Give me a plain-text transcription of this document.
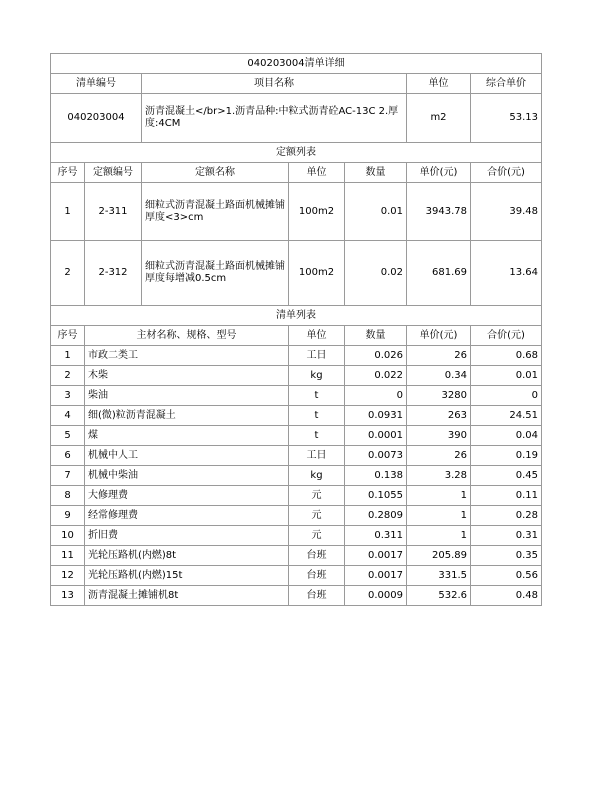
040203004清单详细						
清单编号		项目名称			单位	综合单价
040203004		沥青混凝土</br>1.沥青品种:中粒式沥青砼AC-13C 2.厚度:4CM			m2	53.13
定额列表						
序号	定额编号	定额名称	单位	数量	单价(元)	合价(元)
1	2-311	细粒式沥青混凝土路面机械摊铺厚度<3>cm	100m2	0.01	3943.78	39.48
2	2-312	细粒式沥青混凝土路面机械摊铺厚度每增减0.5cm	100m2	0.02	681.69	13.64
清单列表						
序号	主材名称、规格、型号		单位	数量	单价(元)	合价(元)
1	市政二类工		工日	0.026	26	0.68
2	木柴		kg	0.022	0.34	0.01
3	柴油		t	0	3280	0
4	细(微)粒沥青混凝土		t	0.0931	263	24.51
5	煤		t	0.0001	390	0.04
6	机械中人工		工日	0.0073	26	0.19
7	机械中柴油		kg	0.138	3.28	0.45
8	大修理费		元	0.1055	1	0.11
9	经常修理费		元	0.2809	1	0.28
10	折旧费		元	0.311	1	0.31
11	光轮压路机(内燃)8t		台班	0.0017	205.89	0.35
12	光轮压路机(内燃)15t		台班	0.0017	331.5	0.56
13	沥青混凝土摊铺机8t		台班	0.0009	532.6	0.48
